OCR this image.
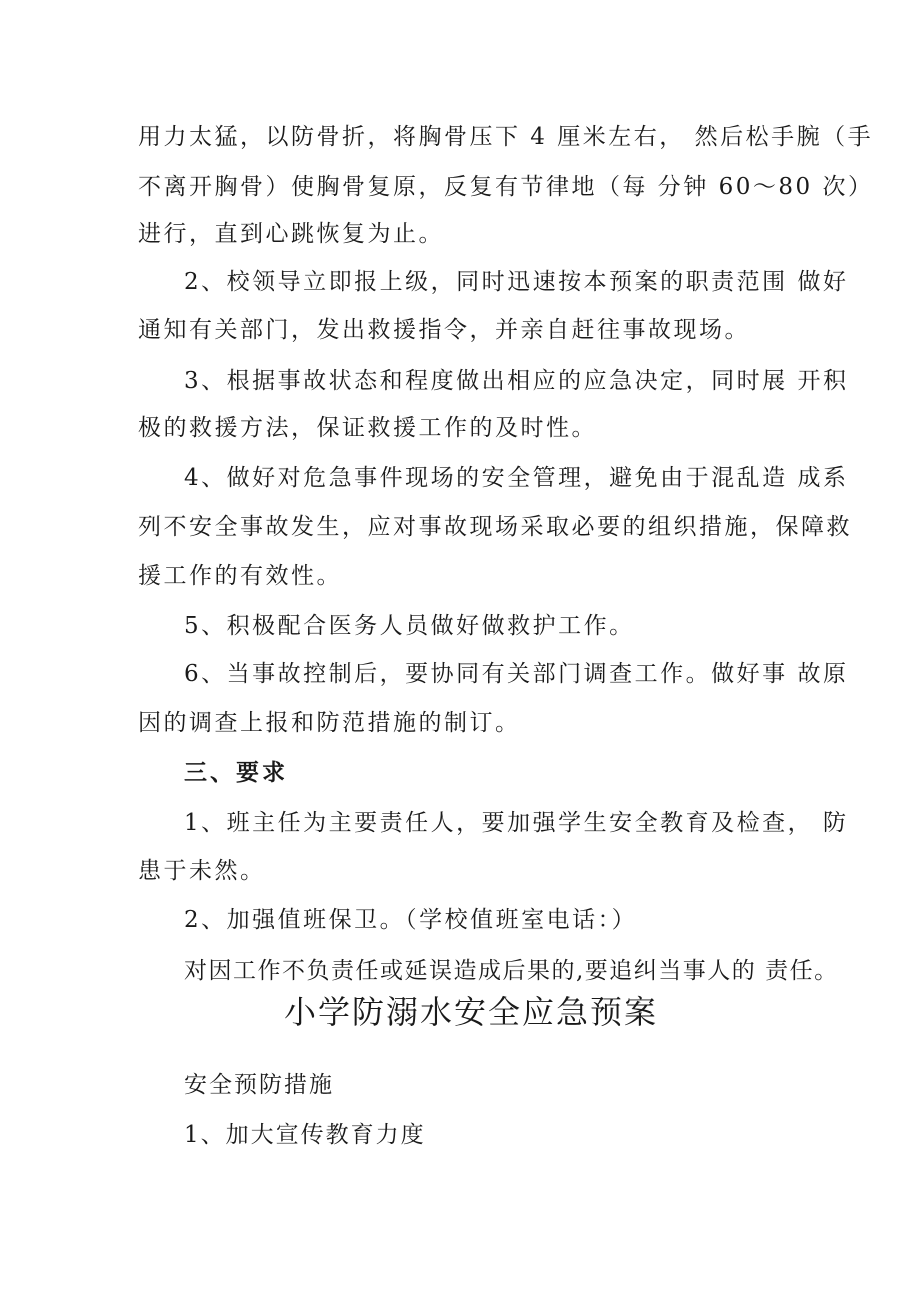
用力太猛，以防骨折，将胸骨压下 4 厘米左右， 然后松手腕（手
不离开胸骨）使胸骨复原，反复有节律地（每 分钟 60～80 次）
进行，直到心跳恢复为止。
2、校领导立即报上级，同时迅速按本预案的职责范围 做好
通知有关部门，发出救援指令，并亲自赶往事故现场。
3、根据事故状态和程度做出相应的应急决定，同时展 开积
极的救援方法，保证救援工作的及时性。
4、做好对危急事件现场的安全管理，避免由于混乱造 成系
列不安全事故发生，应对事故现场采取必要的组织措施，保障救
援工作的有效性。
5、积极配合医务人员做好做救护工作。
6、当事故控制后，要协同有关部门调查工作。做好事 故原
因的调查上报和防范措施的制订。
三、要求
1、班主任为主要责任人，要加强学生安全教育及检查， 防
患于未然。
2、加强值班保卫。（学校值班室电话：）
对因工作不负责任或延误造成后果的,要追纠当事人的 责任。
小学防溺水安全应急预案
安全预防措施
1、加大宣传教育力度
